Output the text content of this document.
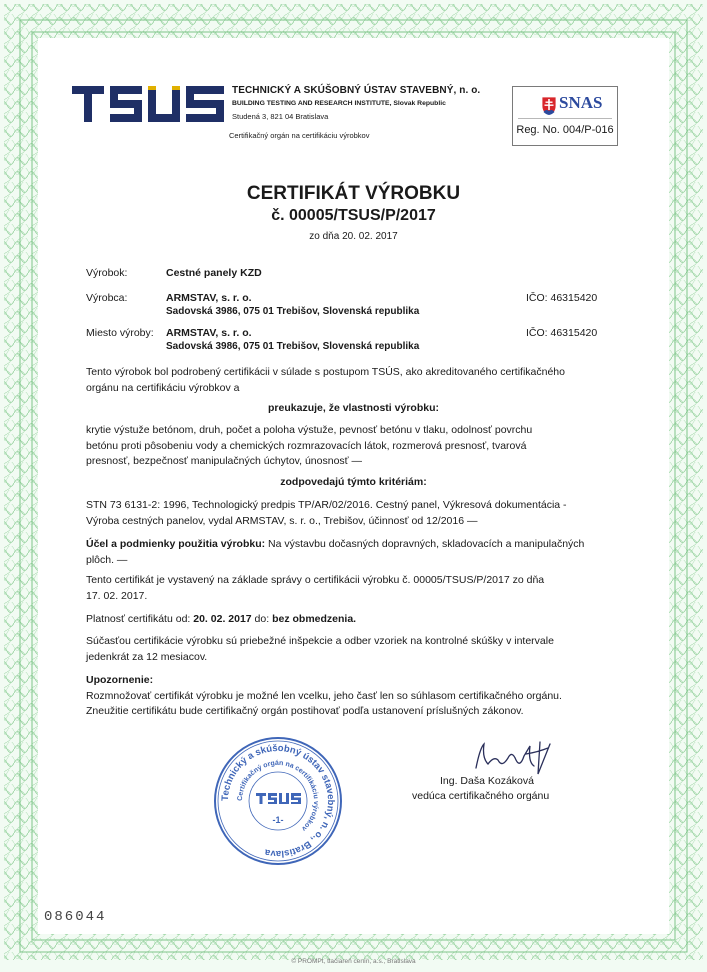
TECHNICKÝ A SKÚŠOBNÝ ÚSTAV STAVEBNÝ, n. o.
BUILDING TESTING AND RESEARCH INSTITUTE, Slovak Republic
Studená 3, 821 04 Bratislava
Certifikačný orgán na certifikáciu výrobkov
SNAS
Reg. No. 004/P-016
CERTIFIKÁT VÝROBKU
č. 00005/TSUS/P/2017
zo dňa 20. 02. 2017
Výrobok:	Cestné panely KZD
Výrobca:	ARMSTAV, s. r. o.
Sadovská 3986, 075 01 Trebišov, Slovenská republika
IČO: 46315420
Miesto výroby: ARMSTAV, s. r. o.
Sadovská 3986, 075 01 Trebišov, Slovenská republika
IČO: 46315420
Tento výrobok bol podrobený certifikácii v súlade s postupom TSÚS, ako akreditovaného certifikačného
orgánu na certifikáciu výrobkov a
preukazuje, že vlastnosti výrobku:
krytie výstuže betónom, druh, počet a poloha výstuže, pevnosť betónu v tlaku, odolnosť povrchu
betónu proti pôsobeniu vody a chemických rozmrazovacích látok, rozmerová presnosť, tvarová
presnosť, bezpečnosť manipulačných úchytov, únosnosť —
zodpovedajú týmto kritériám:
STN 73 6131-2: 1996, Technologický predpis TP/AR/02/2016. Cestný panel, Výkresová dokumentácia -
Výroba cestných panelov, vydal ARMSTAV, s. r. o., Trebišov, účinnosť od 12/2016 —
Účel a podmienky použitia výrobku: Na výstavbu dočasných dopravných, skladovacích a manipulačných
plôch. —
Tento certifikát je vystavený na základe správy o certifikácii výrobku č. 00005/TSUS/P/2017 zo dňa
17. 02. 2017.
Platnosť certifikátu od: 20. 02. 2017 do: bez obmedzenia.
Súčasťou certifikácie výrobku sú priebežné inšpekcie a odber vzoriek na kontrolné skúšky v intervale
jedenkrát za 12 mesiacov.
Upozornenie:
Rozmnožovať certifikát výrobku je možné len vcelku, jeho časť len so súhlasom certifikačného orgánu.
Zneužitie certifikátu bude certifikačný orgán postihovať podľa ustanovení príslušných zákonov.
Ing. Daša Kozáková
vedúca certifikačného orgánu
Technický a skúšobný ústav stavebný, n. o., Bratislava
Certifikačný orgán na certifikáciu výrobkov
-1-
086044
© PROMPt, tlačiareň cenín, a.s., Bratislava
